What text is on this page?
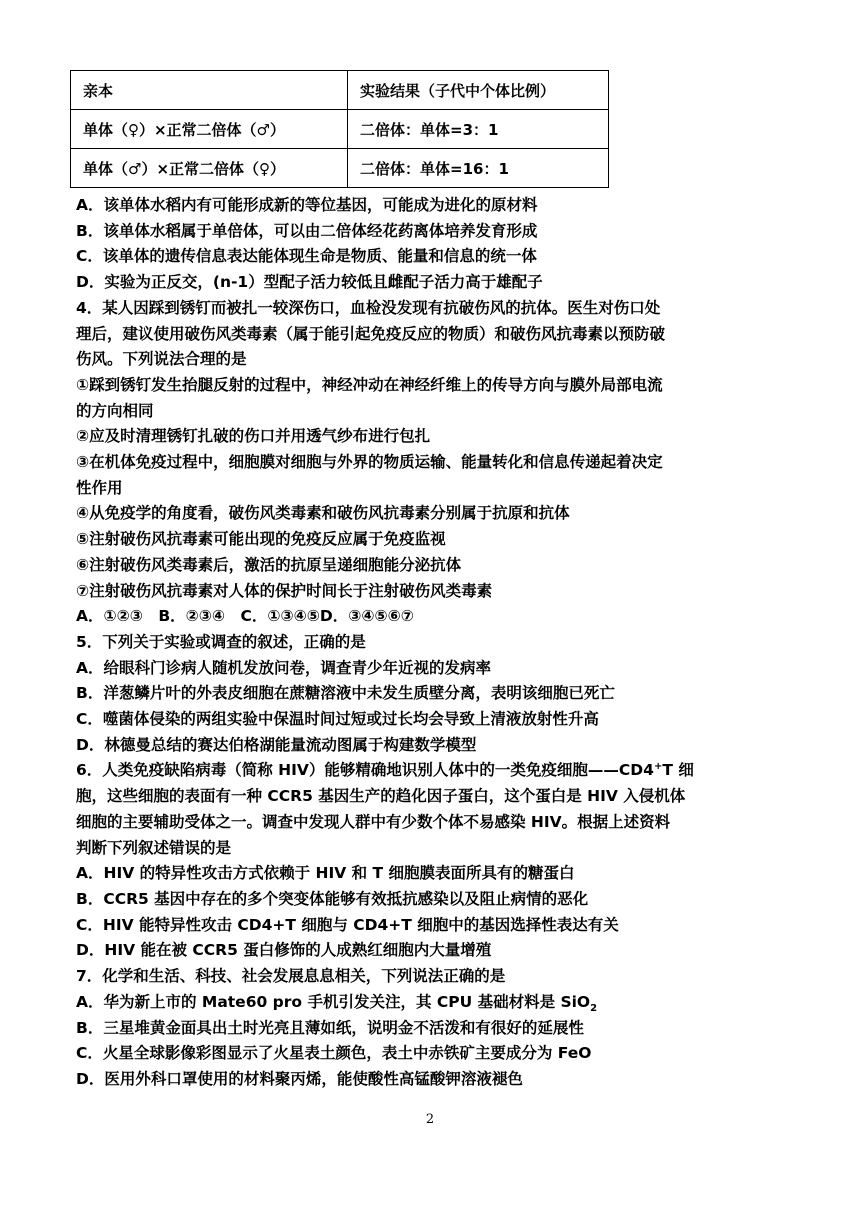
亲本	实验结果（子代中个体比例）
单体（♀）×正常二倍体（♂）	二倍体：单体=3：1
单体（♂）×正常二倍体（♀）	二倍体：单体=16：1
A．该单体水稻内有可能形成新的等位基因，可能成为进化的原材料
B．该单体水稻属于单倍体，可以由二倍体经花药离体培养发育形成
C．该单体的遗传信息表达能体现生命是物质、能量和信息的统一体
D．实验为正反交，(n-1）型配子活力较低且雌配子活力高于雄配子
4．某人因踩到锈钉而被扎一较深伤口，血检没发现有抗破伤风的抗体。医生对伤口处
理后，建议使用破伤风类毒素（属于能引起免疫反应的物质）和破伤风抗毒素以预防破
伤风。下列说法合理的是
①踩到锈钉发生抬腿反射的过程中，神经冲动在神经纤维上的传导方向与膜外局部电流
的方向相同
②应及时清理锈钉扎破的伤口并用透气纱布进行包扎
③在机体免疫过程中，细胞膜对细胞与外界的物质运输、能量转化和信息传递起着决定
性作用
④从免疫学的角度看，破伤风类毒素和破伤风抗毒素分别属于抗原和抗体
⑤注射破伤风抗毒素可能出现的免疫反应属于免疫监视
⑥注射破伤风类毒素后，激活的抗原呈递细胞能分泌抗体
⑦注射破伤风抗毒素对人体的保护时间长于注射破伤风类毒素
A．①②③　B．②③④　C．①③④⑤D．③④⑤⑥⑦
5．下列关于实验或调查的叙述，正确的是
A．给眼科门诊病人随机发放问卷，调查青少年近视的发病率
B．洋葱鳞片叶的外表皮细胞在蔗糖溶液中未发生质壁分离，表明该细胞已死亡
C．噬菌体侵染的两组实验中保温时间过短或过长均会导致上清液放射性升高
D．林德曼总结的赛达伯格湖能量流动图属于构建数学模型
6．人类免疫缺陷病毒（简称 HIV）能够精确地识别人体中的一类免疫细胞——CD4+T 细
胞，这些细胞的表面有一种 CCR5 基因生产的趋化因子蛋白，这个蛋白是 HIV 入侵机体
细胞的主要辅助受体之一。调查中发现人群中有少数个体不易感染 HIV。根据上述资料
判断下列叙述错误的是
A．HIV 的特异性攻击方式依赖于 HIV 和 T 细胞膜表面所具有的糖蛋白
B．CCR5 基因中存在的多个突变体能够有效抵抗感染以及阻止病情的恶化
C．HIV 能特异性攻击 CD4+T 细胞与 CD4+T 细胞中的基因选择性表达有关
D．HIV 能在被 CCR5 蛋白修饰的人成熟红细胞内大量增殖
7．化学和生活、科技、社会发展息息相关，下列说法正确的是
A．华为新上市的 Mate60 pro 手机引发关注，其 CPU 基础材料是 SiO$_2$
B．三星堆黄金面具出土时光亮且薄如纸，说明金不活泼和有很好的延展性
C．火星全球影像彩图显示了火星表土颜色，表土中赤铁矿主要成分为 FeO
D．医用外科口罩使用的材料聚丙烯，能使酸性高锰酸钾溶液褪色
2
